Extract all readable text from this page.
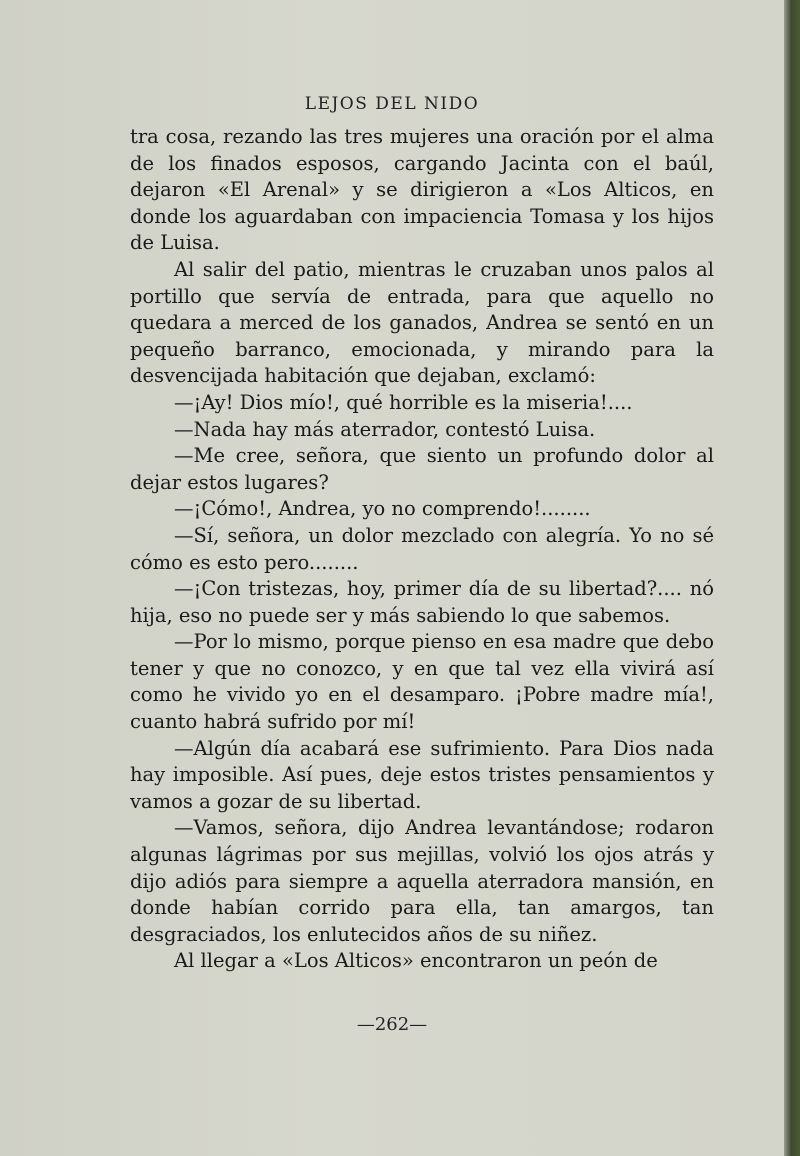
LEJOS DEL NIDO

tra cosa, rezando las tres mujeres una oración por el alma de los finados esposos, cargando Jacinta con el baúl, dejaron «El Arenal» y se dirigieron a «Los Alticos, en donde los aguardaban con impaciencia Tomasa y los hijos de Luisa.

Al salir del patio, mientras le cruzaban unos palos al portillo que servía de entrada, para que aquello no quedara a merced de los ganados, Andrea se sentó en un pequeño barranco, emocionada, y mirando para la desvencijada habitación que dejaban, exclamó:

—¡Ay! Dios mío!, qué horrible es la miseria!....

—Nada hay más aterrador, contestó Luisa.

—Me cree, señora, que siento un profundo dolor al dejar estos lugares?

—¡Cómo!, Andrea, yo no comprendo!........

—Sí, señora, un dolor mezclado con alegría. Yo no sé cómo es esto pero........

—¡Con tristezas, hoy, primer día de su libertad?.... nó hija, eso no puede ser y más sabiendo lo que sabemos.

—Por lo mismo, porque pienso en esa madre que debo tener y que no conozco, y en que tal vez ella vivirá así como he vivido yo en el desamparo. ¡Pobre madre mía!, cuanto habrá sufrido por mí!

—Algún día acabará ese sufrimiento. Para Dios nada hay imposible. Así pues, deje estos tristes pensamientos y vamos a gozar de su libertad.

—Vamos, señora, dijo Andrea levantándose; rodaron algunas lágrimas por sus mejillas, volvió los ojos atrás y dijo adiós para siempre a aquella aterradora mansión, en donde habían corrido para ella, tan amargos, tan desgraciados, los enlutecidos años de su niñez.

Al llegar a «Los Alticos» encontraron un peón de

—262—
